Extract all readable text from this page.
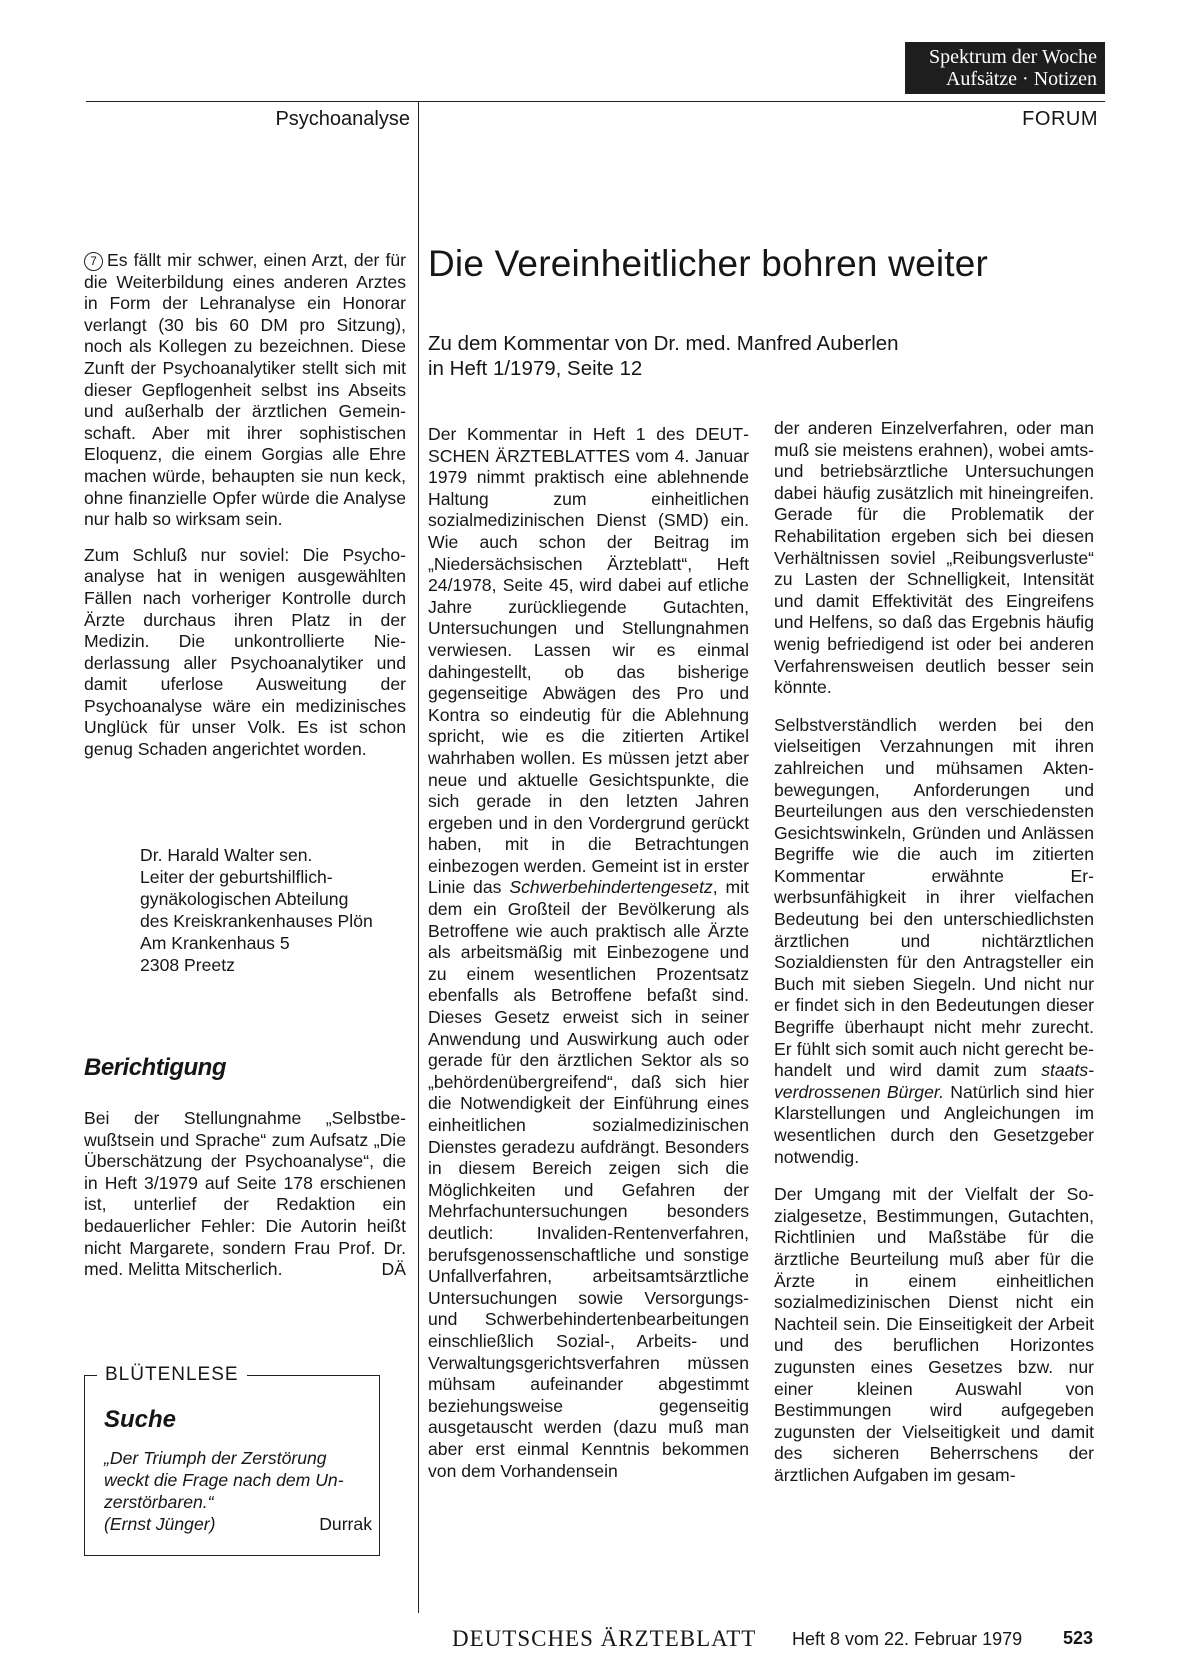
Spektrum der Woche
Aufsätze · Notizen
Psychoanalyse	FORUM

7 Es fällt mir schwer, einen Arzt, der für die Weiterbildung eines anderen Arztes in Form der Lehranalyse ein Honorar verlangt (30 bis 60 DM pro Sitzung), noch als Kollegen zu bezeichnen. Diese Zunft der Psychoanalytiker stellt sich mit dieser Gepflogenheit selbst ins Abseits und außerhalb der ärztlichen Gemeinschaft. Aber mit ihrer sophistischen Eloquenz, die einem Gorgias alle Ehre machen würde, behaupten sie nun keck, ohne finanzielle Opfer würde die Analyse nur halb so wirksam sein.

Zum Schluß nur soviel: Die Psychoanalyse hat in wenigen ausgewählten Fällen nach vorheriger Kontrolle durch Ärzte durchaus ihren Platz in der Medizin. Die unkontrollierte Niederlassung aller Psychoanalytiker und damit uferlose Ausweitung der Psychoanalyse wäre ein medizinisches Unglück für unser Volk. Es ist schon genug Schaden angerichtet worden.

Dr. Harald Walter sen.
Leiter der geburtshilflich-
gynäkologischen Abteilung
des Kreiskrankenhauses Plön
Am Krankenhaus 5
2308 Preetz
Berichtigung

Bei der Stellungnahme „Selbstbewußtsein und Sprache“ zum Aufsatz „Die Überschätzung der Psychoanalyse“, die in Heft 3/1979 auf Seite 178 erschienen ist, unterlief der Redaktion ein bedauerlicher Fehler: Die Autorin heißt nicht Margarete, sondern Frau Prof. Dr. med. Melitta Mitscherlich.	DÄ

BLÜTENLESE
Suche
„Der Triumph der Zerstörung weckt die Frage nach dem Unzerstörbaren.“
(Ernst Jünger)	Durrak
Die Vereinheitlicher bohren weiter
Zu dem Kommentar von Dr. med. Manfred Auberlen
in Heft 1/1979, Seite 12

Der Kommentar in Heft 1 des DEUTSCHEN ÄRZTEBLATTES vom 4. Januar 1979 nimmt praktisch eine ablehnende Haltung zum einheitlichen sozialmedizinischen Dienst (SMD) ein. Wie auch schon der Beitrag im „Niedersächsischen Ärzteblatt“, Heft 24/1978, Seite 45, wird dabei auf etliche Jahre zurückliegende Gutachten, Untersuchungen und Stellungnahmen verwiesen. Lassen wir es einmal dahingestellt, ob das bisherige gegenseitige Abwägen des Pro und Kontra so eindeutig für die Ablehnung spricht, wie es die zitierten Artikel wahrhaben wollen. Es müssen jetzt aber neue und aktuelle Gesichtspunkte, die sich gerade in den letzten Jahren ergeben und in den Vordergrund gerückt haben, mit in die Betrachtungen einbezogen werden. Gemeint ist in erster Linie das Schwerbehindertengesetz, mit dem ein Großteil der Bevölkerung als Betroffene wie auch praktisch alle Ärzte als arbeitsmäßig mit Einbezogene und zu einem wesentlichen Prozentsatz ebenfalls als Betroffene befaßt sind. Dieses Gesetz erweist sich in seiner Anwendung und Auswirkung auch oder gerade für den ärztlichen Sektor als so „behördenübergreifend“, daß sich hier die Notwendigkeit der Einführung eines einheitlichen sozialmedizinischen Dienstes geradezu aufdrängt. Besonders in diesem Bereich zeigen sich die Möglichkeiten und Gefahren der Mehrfachuntersuchungen besonders deutlich: Invaliden-Rentenverfahren, berufsgenossenschaftliche und sonstige Unfallverfahren, arbeitsamtsärztliche Untersuchungen sowie Versorgungs- und Schwerbehindertenbearbeitungen einschließlich Sozial-, Arbeits- und Verwaltungsgerichtsverfahren müssen mühsam aufeinander abgestimmt beziehungsweise gegenseitig ausgetauscht werden (dazu muß man aber erst einmal Kenntnis bekommen von dem Vorhandensein

der anderen Einzelverfahren, oder man muß sie meistens erahnen), wobei amts- und betriebsärztliche Untersuchungen dabei häufig zusätzlich mit hineingreifen. Gerade für die Problematik der Rehabilitation ergeben sich bei diesen Verhältnissen soviel „Reibungsverluste“ zu Lasten der Schnelligkeit, Intensität und damit Effektivität des Eingreifens und Helfens, so daß das Ergebnis häufig wenig befriedigend ist oder bei anderen Verfahrensweisen deutlich besser sein könnte.

Selbstverständlich werden bei den vielseitigen Verzahnungen mit ihren zahlreichen und mühsamen Aktenbewegungen, Anforderungen und Beurteilungen aus den verschiedensten Gesichtswinkeln, Gründen und Anlässen Begriffe wie die auch im zitierten Kommentar erwähnte Erwerbsunfähigkeit in ihrer vielfachen Bedeutung bei den unterschiedlichsten ärztlichen und nichtärztlichen Sozialdiensten für den Antragsteller ein Buch mit sieben Siegeln. Und nicht nur er findet sich in den Bedeutungen dieser Begriffe überhaupt nicht mehr zurecht. Er fühlt sich somit auch nicht gerecht behandelt und wird damit zum staatsverdrossenen Bürger. Natürlich sind hier Klarstellungen und Angleichungen im wesentlichen durch den Gesetzgeber notwendig.

Der Umgang mit der Vielfalt der Sozialgesetze, Bestimmungen, Gutachten, Richtlinien und Maßstäbe für die ärztliche Beurteilung muß aber für die Ärzte in einem einheitlichen sozialmedizinischen Dienst nicht ein Nachteil sein. Die Einseitigkeit der Arbeit und des beruflichen Horizontes zugunsten eines Gesetzes bzw. nur einer kleinen Auswahl von Bestimmungen wird aufgegeben zugunsten der Vielseitigkeit und damit des sicheren Beherrschens der ärztlichen Aufgaben im gesam-

DEUTSCHES ÄRZTEBLATT Heft 8 vom 22. Februar 1979 523
